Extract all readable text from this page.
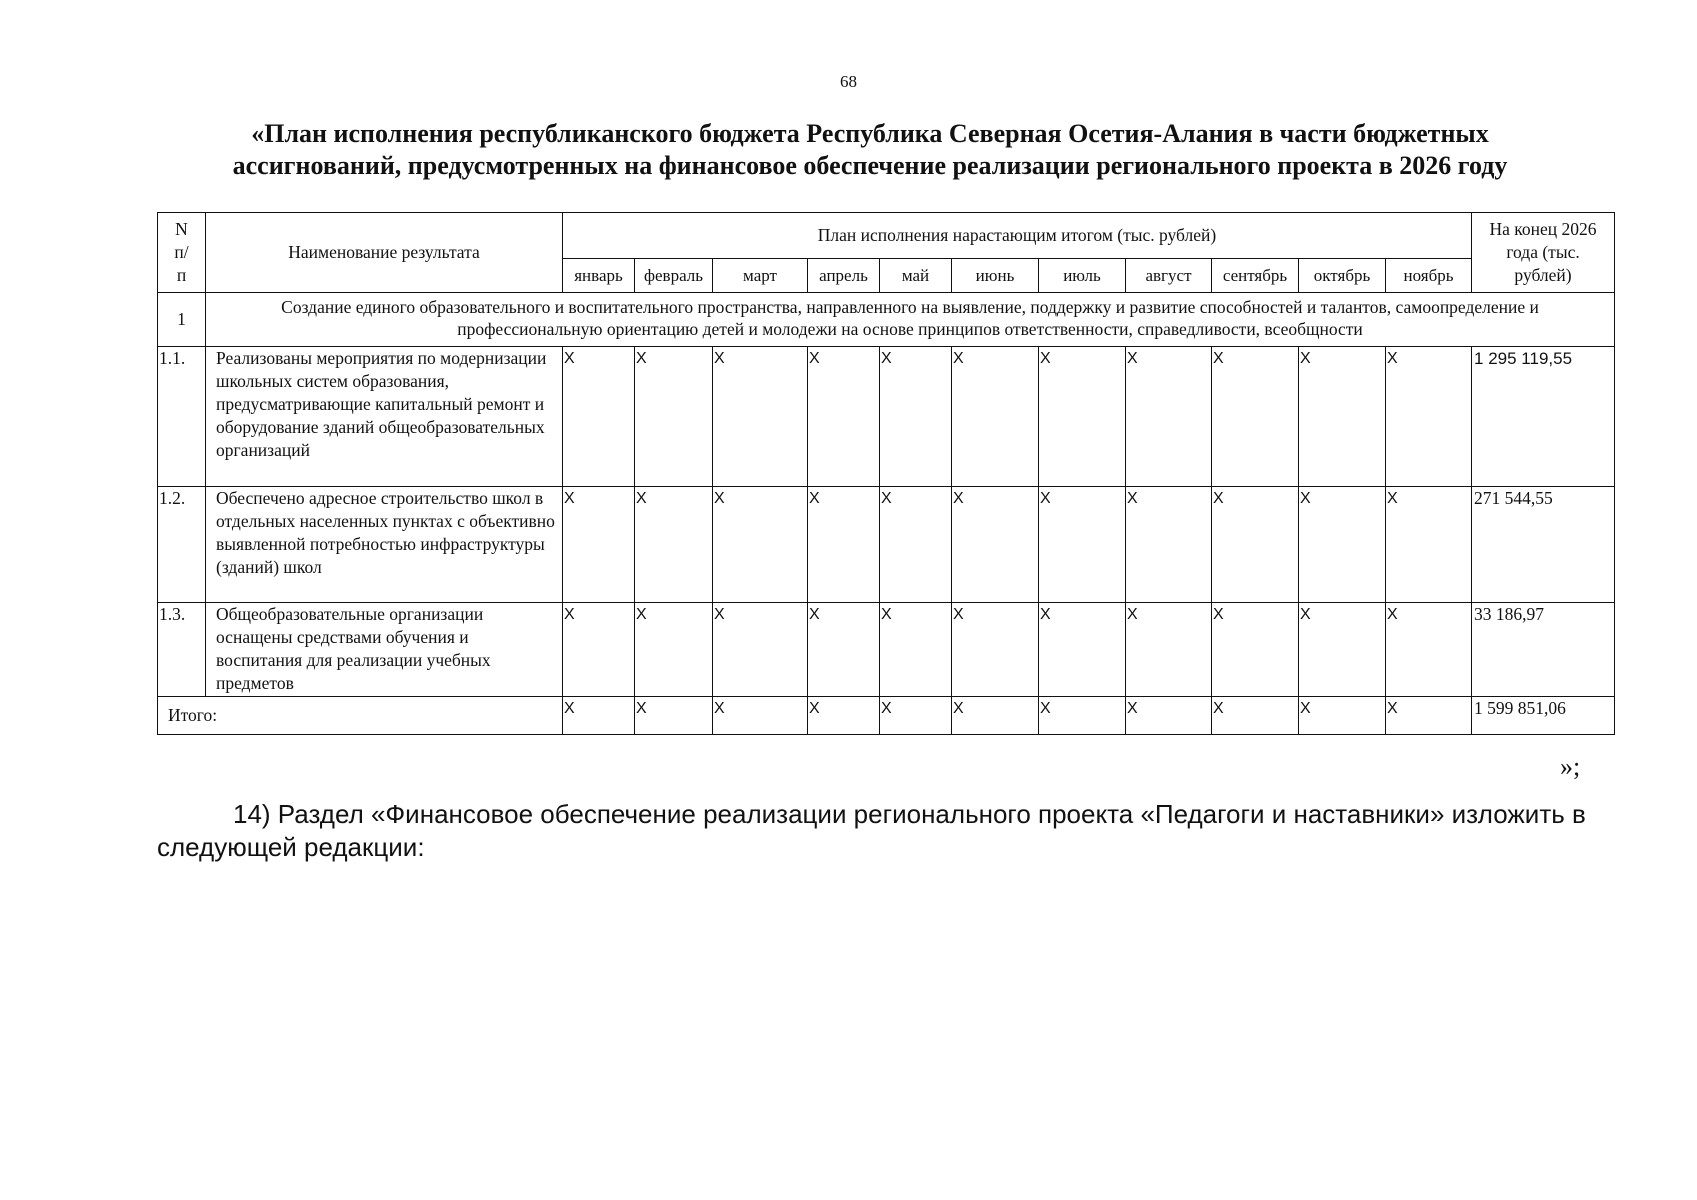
68
«План исполнения республиканского бюджета Республика Северная Осетия-Алания в части бюджетных
ассигнований, предусмотренных на финансовое обеспечение реализации регионального проекта в 2026 году
N п/ п	Наименование результата	План исполнения нарастающим итогом (тыс. рублей)											На конец 2026 года (тыс. рублей)
		январь	февраль	март	апрель	май	июнь	июль	август	сентябрь	октябрь	ноябрь	
1	Создание единого образовательного и воспитательного пространства, направленного на выявление, поддержку и развитие способностей и талантов, самоопределение и профессиональную ориентацию детей и молодежи на основе принципов ответственности, справедливости, всеобщности												
1.1.	Реализованы мероприятия по модернизации школьных систем образования, предусматривающие капитальный ремонт и оборудование зданий общеобразовательных организаций	X	X	X	X	X	X	X	X	X	X	X	1 295 119,55
1.2.	Обеспечено адресное строительство школ в отдельных населенных пунктах с объективно выявленной потребностью инфраструктуры (зданий) школ	X	X	X	X	X	X	X	X	X	X	X	271 544,55
1.3.	Общеобразовательные организации оснащены средствами обучения и воспитания для реализации учебных предметов	X	X	X	X	X	X	X	X	X	X	X	33 186,97
Итого:		X	X	X	X	X	X	X	X	X	X	X	1 599 851,06
»;
14) Раздел «Финансовое обеспечение реализации регионального проекта «Педагоги и наставники» изложить в следующей редакции:
